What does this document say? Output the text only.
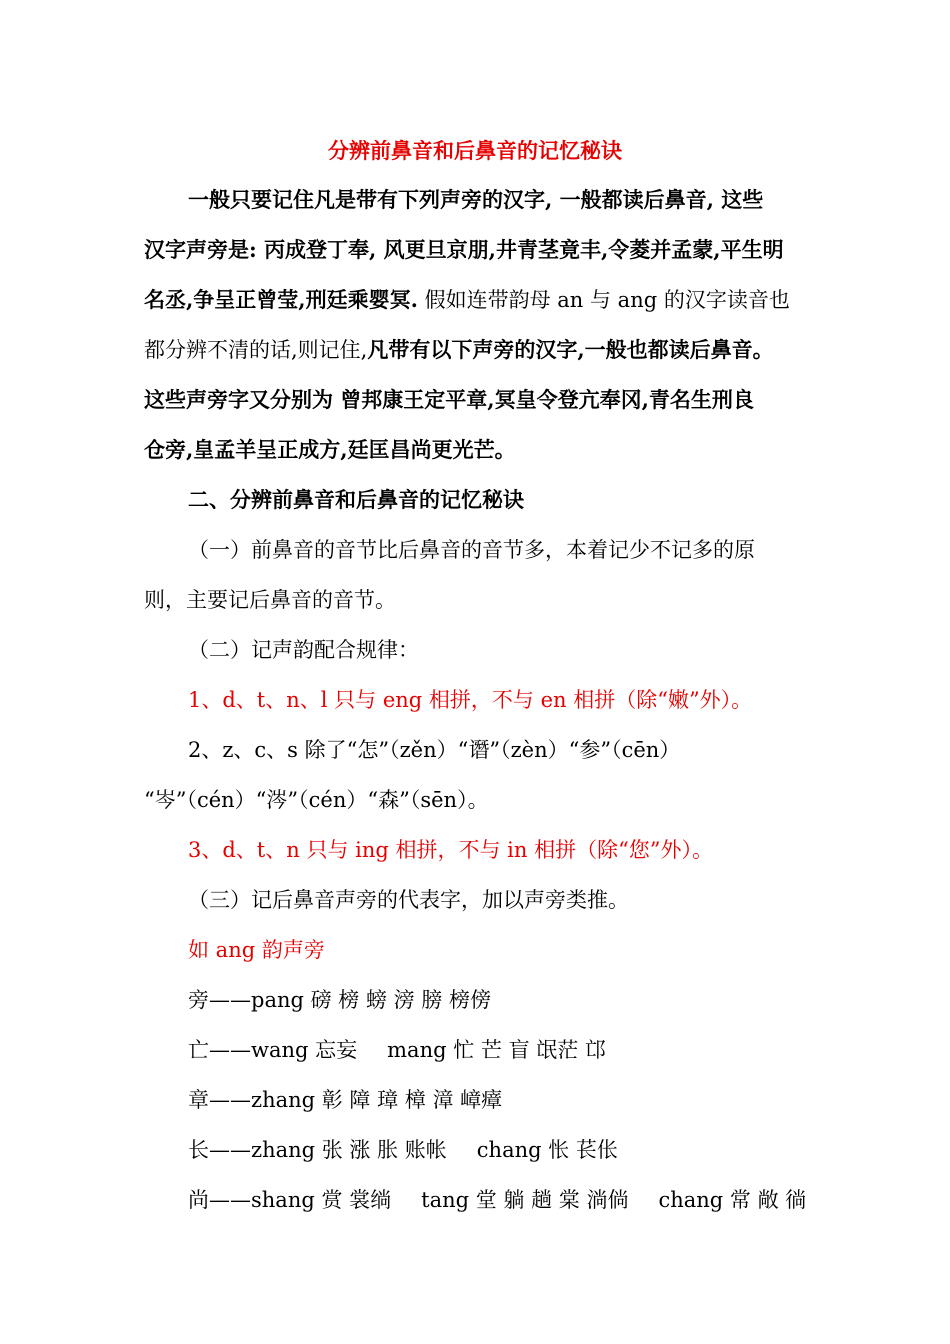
分辨前鼻音和后鼻音的记忆秘诀

一般只要记住凡是带有下列声旁的汉字, 一般都读后鼻音, 这些

汉字声旁是: 丙成登丁奉, 风更旦京朋,井青茎竟丰,令菱并孟蒙,平生明

名丞,争呈正曾莹,刑廷乘婴冥. 假如连带韵母 an 与 ang 的汉字读音也

都分辨不清的话,则记住,凡带有以下声旁的汉字,一般也都读后鼻音。

这些声旁字又分别为 曾邦康王定平章,冥皇令登亢奉冈,青名生刑良

仓旁,皇孟羊呈正成方,廷匡昌尚更光芒。

二、分辨前鼻音和后鼻音的记忆秘诀

（一）前鼻音的音节比后鼻音的音节多，本着记少不记多的原

则，主要记后鼻音的音节。

（二）记声韵配合规律：

1、d、t、n、l 只与 eng 相拼，不与 en 相拼（除“嫩”外）。

2、z、c、s 除了“怎”（zěn）“谮”（zèn）“参”（cēn）

“岑”（cén）“涔”（cén）“森”（sēn）。

3、d、t、n 只与 ing 相拼，不与 in 相拼（除“您”外）。

（三）记后鼻音声旁的代表字，加以声旁类推。

如 ang 韵声旁

旁——pang 磅 榜 螃 滂 膀 榜傍

亡——wang 忘妄 mang 忙 芒 盲 氓茫 邙

章——zhang 彰 障 璋 樟 漳 嶂瘴

长——zhang 张 涨 胀 账帐 chang 怅 苌伥

尚——shang 赏 裳绱 tang 堂 躺 趟 棠 淌倘 chang 常 敞 徜
